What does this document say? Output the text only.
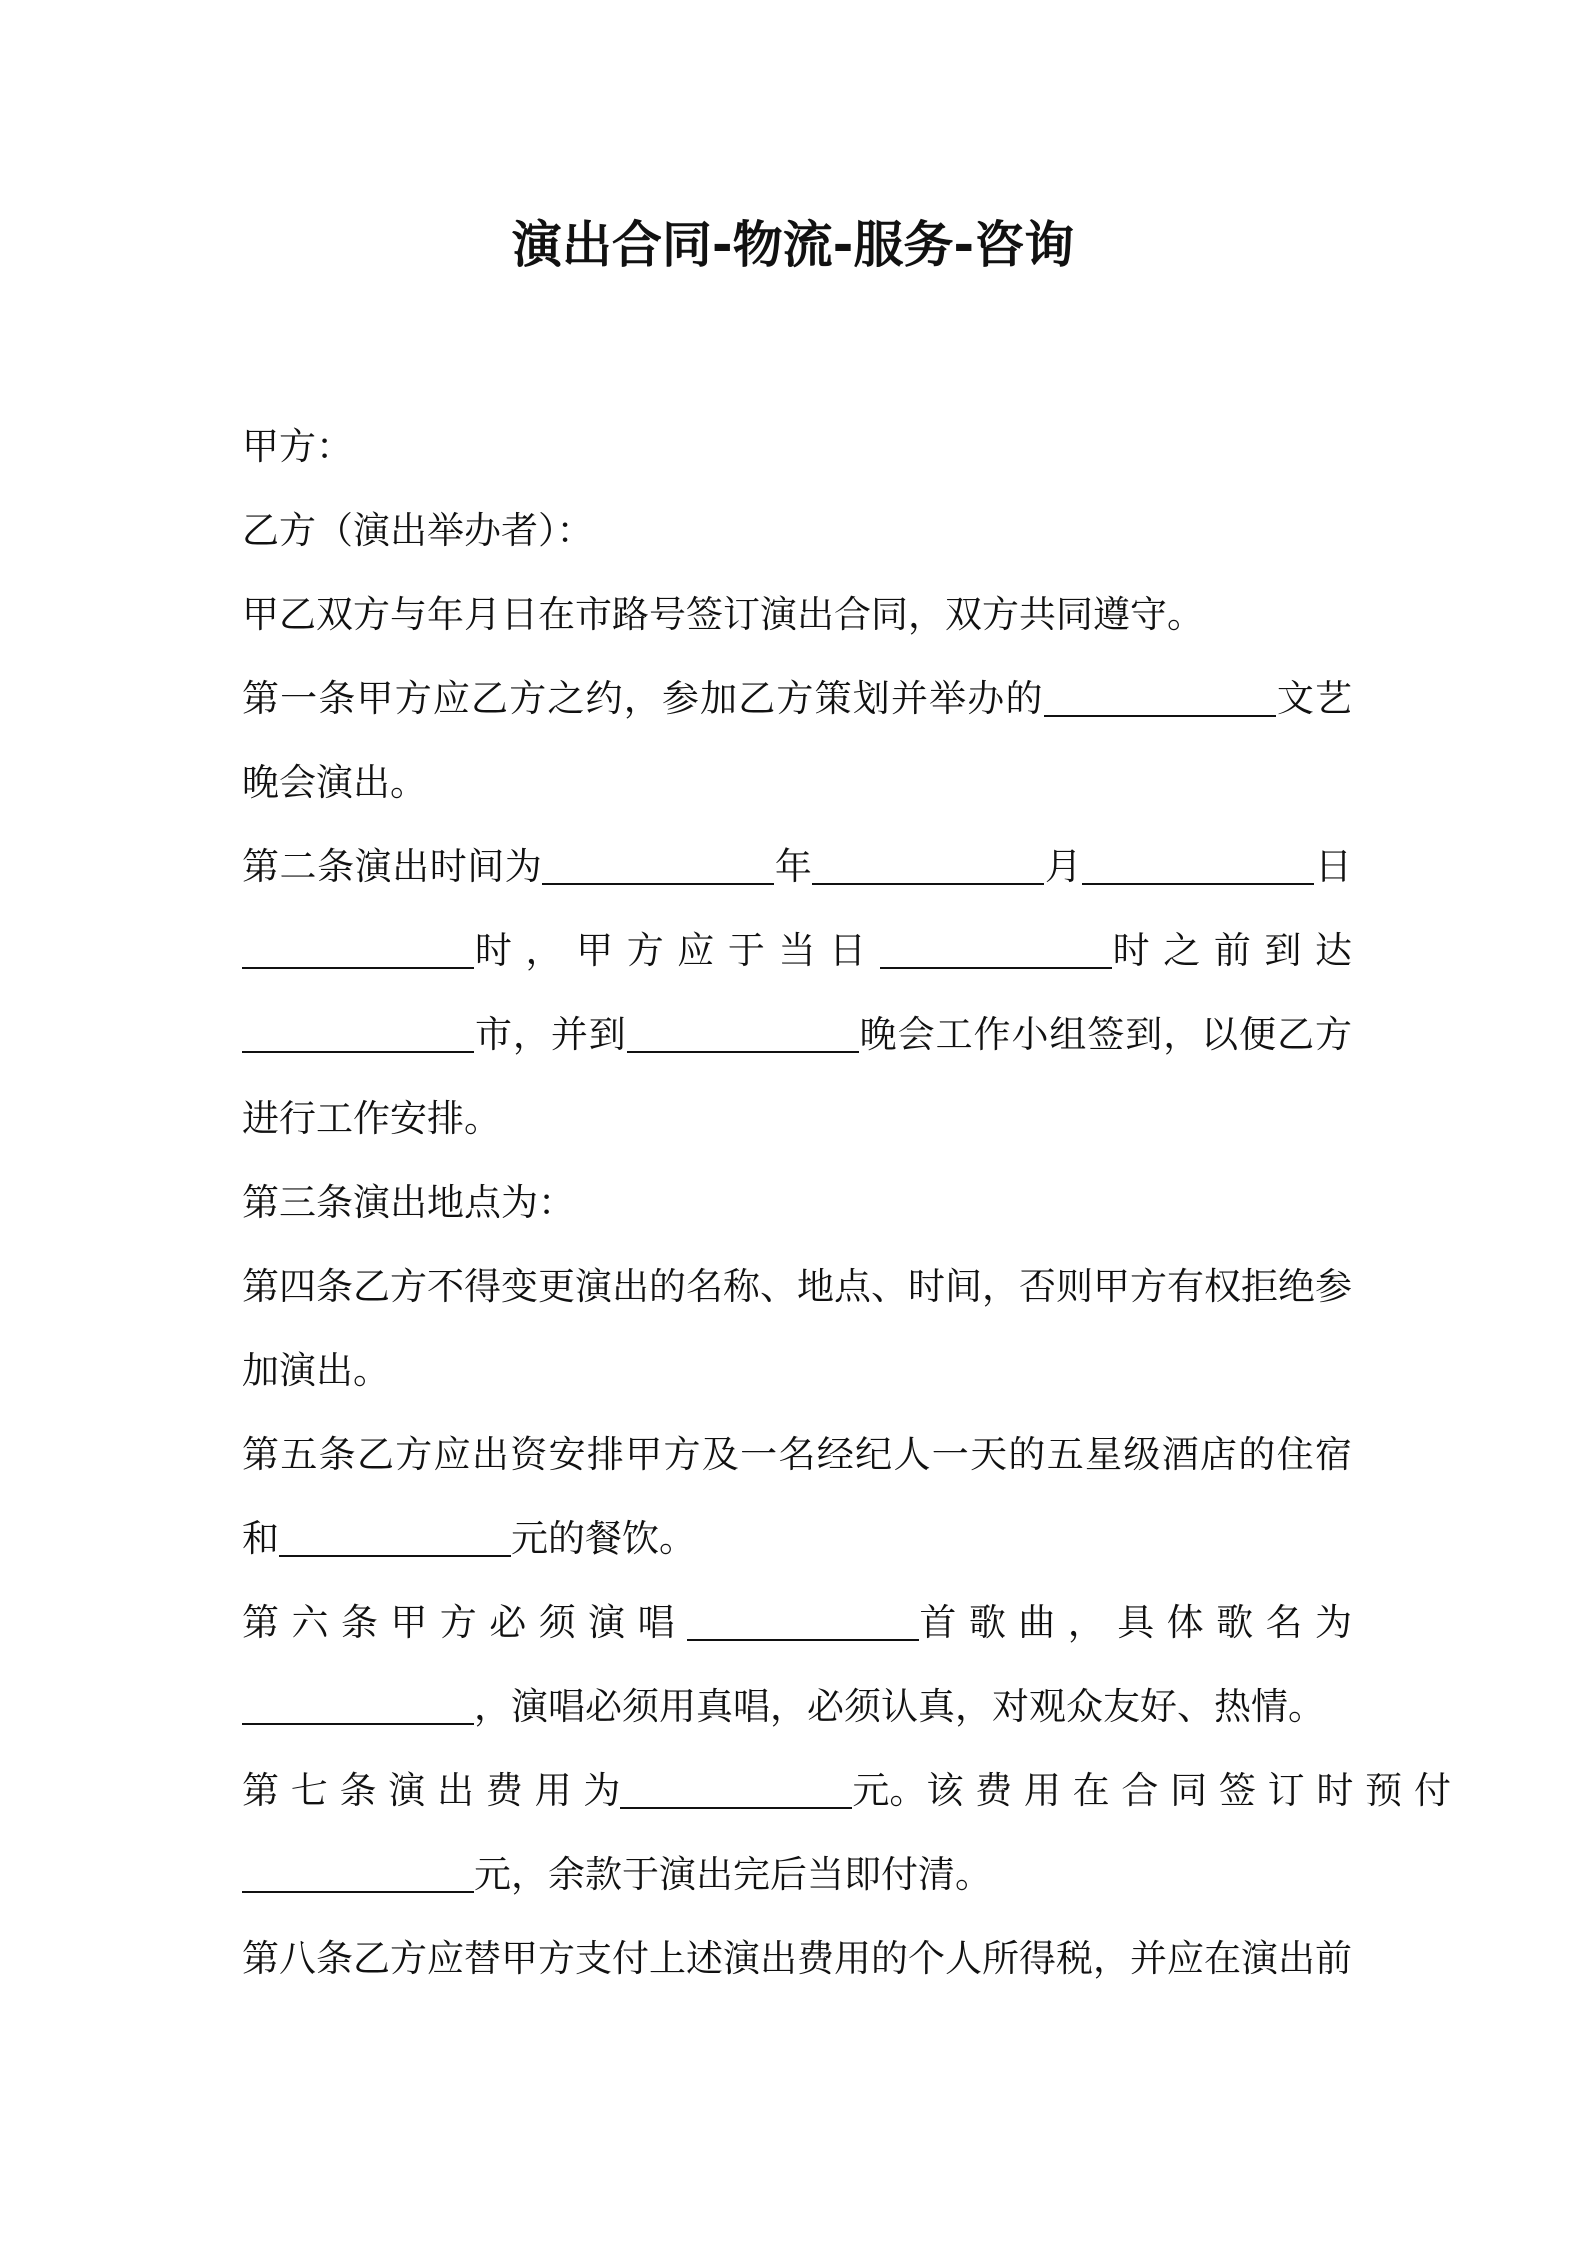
演出合同-物流-服务-咨询
甲方：
乙方（演出举办者）：
甲乙双方与年月日在市路号签订演出合同，双方共同遵守。
第一条甲方应乙方之约，参加乙方策划并举办的	文艺
晚会演出。
第二条演出时间为	年	月	日
时 ， 甲 方 应 于 当 日	时 之 前 到 达
市，并到	晚会工作小组签到，以便乙方
进行工作安排。
第三条演出地点为：
第四条乙方不得变更演出的名称、地点、时间，否则甲方有权拒绝参
加演出。
第五条乙方应出资安排甲方及一名经纪人一天的五星级酒店的住宿
和	元的餐饮。
第 六 条 甲 方 必 须 演 唱	首 歌 曲 ， 具 体 歌 名 为
，演唱必须用真唱，必须认真，对观众友好、热情。
第 七 条 演 出 费 用 为	元。该 费 用 在 合 同 签 订 时 预 付
元，余款于演出完后当即付清。
第八条乙方应替甲方支付上述演出费用的个人所得税，并应在演出前
